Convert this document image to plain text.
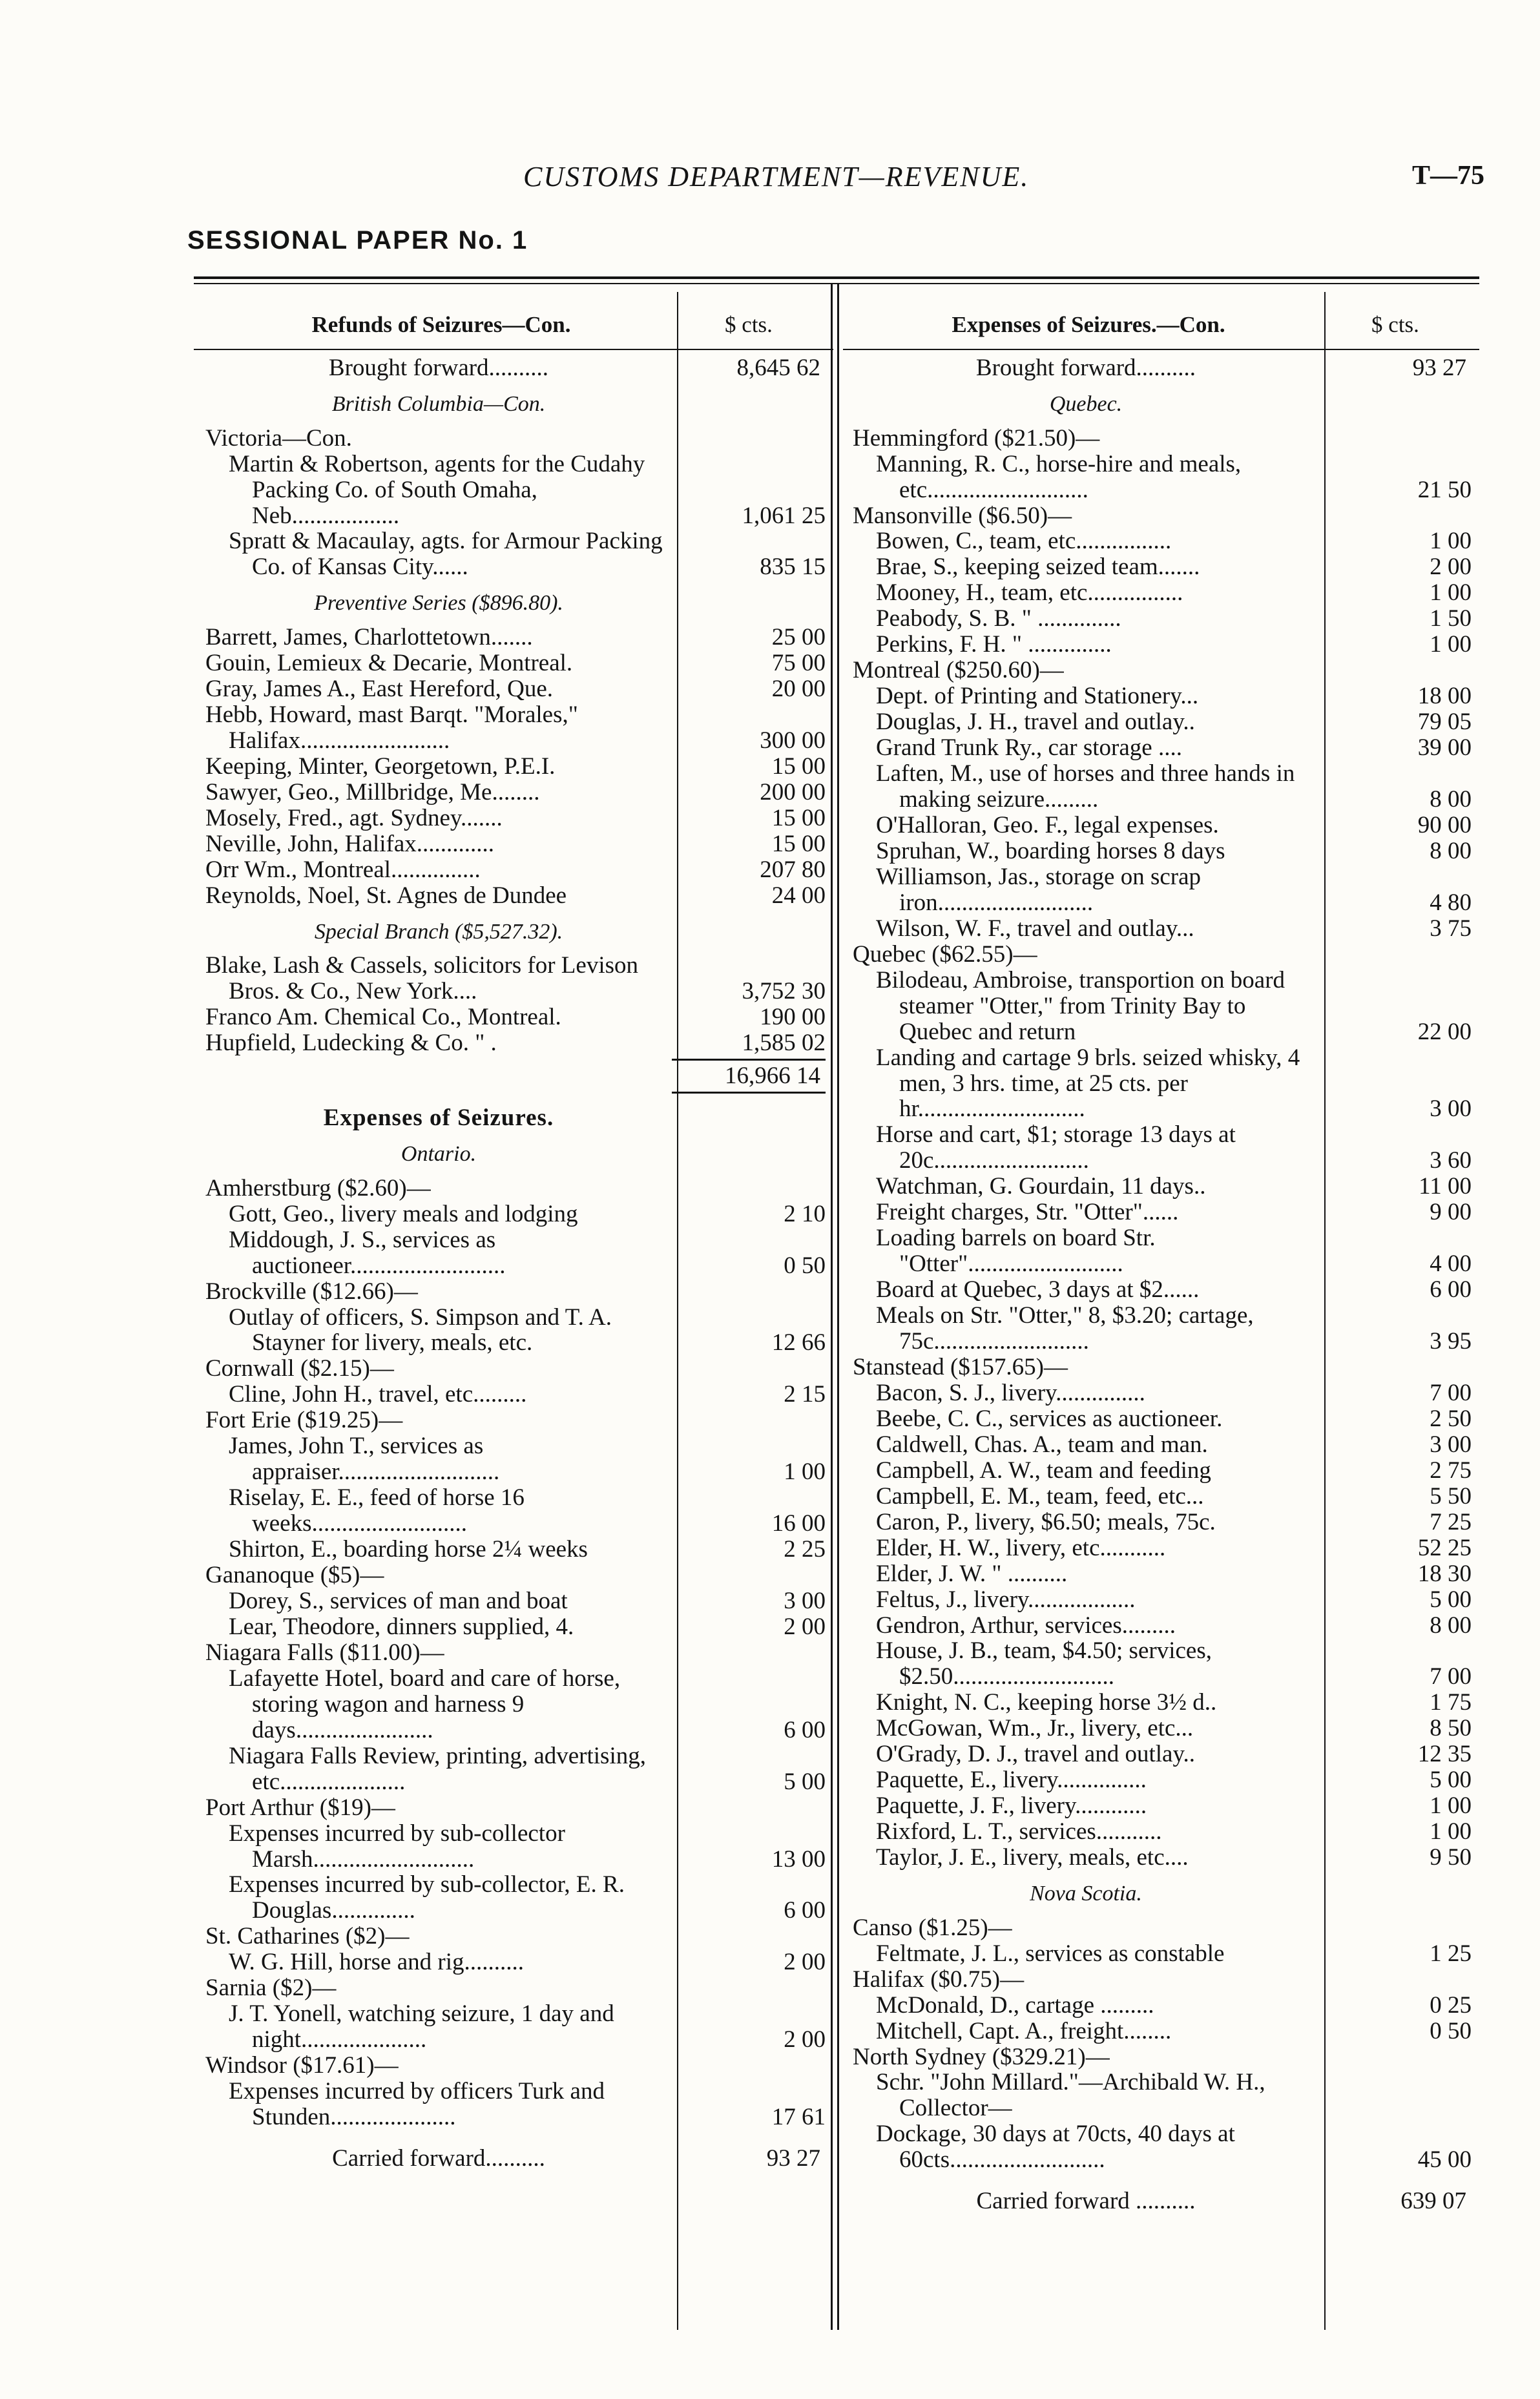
CUSTOMS DEPARTMENT—REVENUE.	T—75
SESSIONAL PAPER No. 1
Refunds of Seizures—Con.	$ cts.
Brought forward..........	8,645 62
British Columbia—Con.
Victoria—Con.
Martin & Robertson, agents for the Cudahy Packing Co. of South Omaha, Neb..................	1,061 25
Spratt & Macaulay, agts. for Armour Packing Co. of Kansas City......	835 15
Preventive Series ($896.80).
Barrett, James, Charlottetown.......	25 00
Gouin, Lemieux & Decarie, Montreal.	75 00
Gray, James A., East Hereford, Que.	20 00
Hebb, Howard, mast Barqt. "Morales," Halifax.........................	300 00
Keeping, Minter, Georgetown, P.E.I.	15 00
Sawyer, Geo., Millbridge, Me........	200 00
Mosely, Fred., agt. Sydney.......	15 00
Neville, John, Halifax.............	15 00
Orr Wm., Montreal...............	207 80
Reynolds, Noel, St. Agnes de Dundee	24 00
Special Branch ($5,527.32).
Blake, Lash & Cassels, solicitors for Levison Bros. & Co., New York....	3,752 30
Franco Am. Chemical Co., Montreal.	190 00
Hupfield, Ludecking & Co. " .	1,585 02
16,966 14
Expenses of Seizures.
Ontario.
Amherstburg ($2.60)—
Gott, Geo., livery meals and lodging	2 10
Middough, J. S., services as auctioneer..........................	0 50
Brockville ($12.66)—
Outlay of officers, S. Simpson and T. A. Stayner for livery, meals, etc.	12 66
Cornwall ($2.15)—
Cline, John H., travel, etc.........	2 15
Fort Erie ($19.25)—
James, John T., services as appraiser...........................	1 00
Riselay, E. E., feed of horse 16 weeks..........................	16 00
Shirton, E., boarding horse 2¼ weeks	2 25
Gananoque ($5)—
Dorey, S., services of man and boat	3 00
Lear, Theodore, dinners supplied, 4.	2 00
Niagara Falls ($11.00)—
Lafayette Hotel, board and care of horse, storing wagon and harness 9 days.......................	6 00
Niagara Falls Review, printing, advertising, etc.....................	5 00
Port Arthur ($19)—
Expenses incurred by sub-collector Marsh...........................	13 00
Expenses incurred by sub-collector, E. R. Douglas..............	6 00
St. Catharines ($2)—
W. G. Hill, horse and rig..........	2 00
Sarnia ($2)—
J. T. Yonell, watching seizure, 1 day and night.....................	2 00
Windsor ($17.61)—
Expenses incurred by officers Turk and Stunden.....................	17 61
Carried forward..........	93 27
Expenses of Seizures.—Con.	$ cts.
Brought forward..........	93 27
Quebec.
Hemmingford ($21.50)—
Manning, R. C., horse-hire and meals, etc...........................	21 50
Mansonville ($6.50)—
Bowen, C., team, etc................	1 00
Brae, S., keeping seized team.......	2 00
Mooney, H., team, etc................	1 00
Peabody, S. B. " ..............	1 50
Perkins, F. H. " ..............	1 00
Montreal ($250.60)—
Dept. of Printing and Stationery...	18 00
Douglas, J. H., travel and outlay..	79 05
Grand Trunk Ry., car storage ....	39 00
Laften, M., use of horses and three hands in making seizure.........	8 00
O'Halloran, Geo. F., legal expenses.	90 00
Spruhan, W., boarding horses 8 days	8 00
Williamson, Jas., storage on scrap iron..........................	4 80
Wilson, W. F., travel and outlay...	3 75
Quebec ($62.55)—
Bilodeau, Ambroise, transportion on board steamer "Otter," from Trinity Bay to Quebec and return	22 00
Landing and cartage 9 brls. seized whisky, 4 men, 3 hrs. time, at 25 cts. per hr............................	3 00
Horse and cart, $1; storage 13 days at 20c..........................	3 60
Watchman, G. Gourdain, 11 days..	11 00
Freight charges, Str. "Otter"......	9 00
Loading barrels on board Str. "Otter"..........................	4 00
Board at Quebec, 3 days at $2......	6 00
Meals on Str. "Otter," 8, $3.20; cartage, 75c..........................	3 95
Stanstead ($157.65)—
Bacon, S. J., livery...............	7 00
Beebe, C. C., services as auctioneer.	2 50
Caldwell, Chas. A., team and man.	3 00
Campbell, A. W., team and feeding	2 75
Campbell, E. M., team, feed, etc...	5 50
Caron, P., livery, $6.50; meals, 75c.	7 25
Elder, H. W., livery, etc...........	52 25
Elder, J. W. " ..........	18 30
Feltus, J., livery..................	5 00
Gendron, Arthur, services.........	8 00
House, J. B., team, $4.50; services, $2.50...........................	7 00
Knight, N. C., keeping horse 3½ d..	1 75
McGowan, Wm., Jr., livery, etc...	8 50
O'Grady, D. J., travel and outlay..	12 35
Paquette, E., livery...............	5 00
Paquette, J. F., livery............	1 00
Rixford, L. T., services...........	1 00
Taylor, J. E., livery, meals, etc....	9 50
Nova Scotia.
Canso ($1.25)—
Feltmate, J. L., services as constable	1 25
Halifax ($0.75)—
McDonald, D., cartage .........	0 25
Mitchell, Capt. A., freight........	0 50
North Sydney ($329.21)—
Schr. "John Millard."—Archibald W. H., Collector—
Dockage, 30 days at 70cts, 40 days at 60cts..........................	45 00
Carried forward ..........	639 07
